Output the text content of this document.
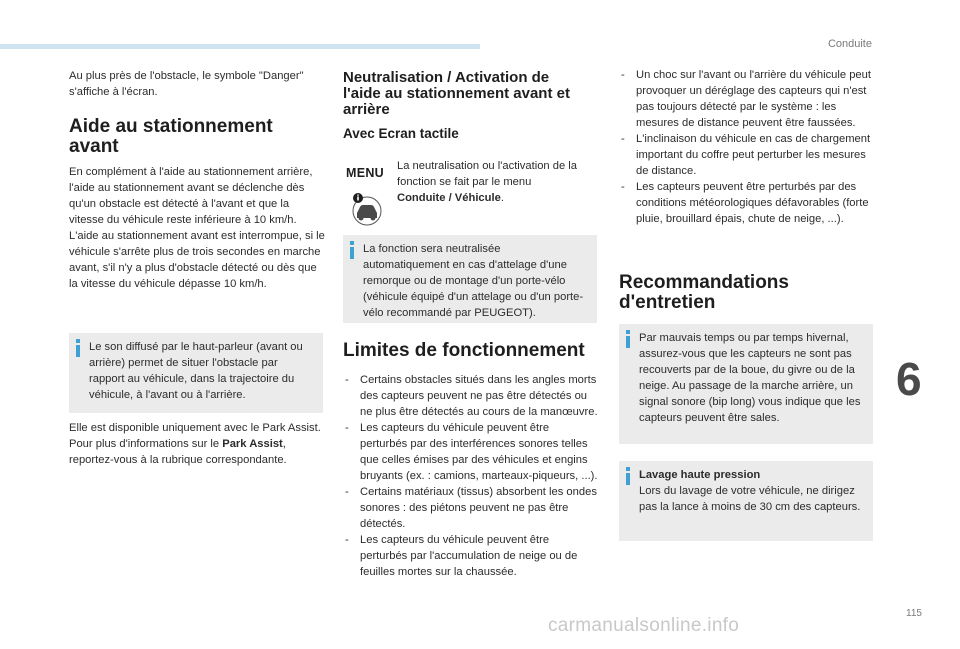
Conduite
Au plus près de l'obstacle, le symbole "Danger" s'affiche à l'écran.
Aide au stationnement avant

En complément à l'aide au stationnement arrière, l'aide au stationnement avant se déclenche dès qu'un obstacle est détecté à l'avant et que la vitesse du véhicule reste inférieure à 10 km/h.

L'aide au stationnement avant est interrompue, si le véhicule s'arrête plus de trois secondes en marche avant, s'il n'y a plus d'obstacle détecté ou dès que la vitesse du véhicule dépasse 10 km/h.

Le son diffusé par le haut-parleur (avant ou arrière) permet de situer l'obstacle par rapport au véhicule, dans la trajectoire du véhicule, à l'avant ou à l'arrière.

Elle est disponible uniquement avec le Park Assist.

Pour plus d'informations sur le Park Assist, reportez-vous à la rubrique correspondante.

Neutralisation / Activation de l'aide au stationnement avant et arrière
Avec Ecran tactile
MENU La neutralisation ou l'activation de la fonction se fait par le menu Conduite / Véhicule.
La fonction sera neutralisée automatiquement en cas d'attelage d'une remorque ou de montage d'un porte-vélo (véhicule équipé d'un attelage ou d'un porte-vélo recommandé par PEUGEOT).
Limites de fonctionnement
- Certains obstacles situés dans les angles morts des capteurs peuvent ne pas être détectés ou ne plus être détectés au cours de la manœuvre.
- Les capteurs du véhicule peuvent être perturbés par des interférences sonores telles que celles émises par des véhicules et engins bruyants (ex. : camions, marteaux-piqueurs, ...).
- Certains matériaux (tissus) absorbent les ondes sonores : des piétons peuvent ne pas être détectés.
- Les capteurs du véhicule peuvent être perturbés par l'accumulation de neige ou de feuilles mortes sur la chaussée.
- Un choc sur l'avant ou l'arrière du véhicule peut provoquer un déréglage des capteurs qui n'est pas toujours détecté par le système : les mesures de distance peuvent être faussées.
- L'inclinaison du véhicule en cas de chargement important du coffre peut perturber les mesures de distance.
- Les capteurs peuvent être perturbés par des conditions météorologiques défavorables (forte pluie, brouillard épais, chute de neige, ...).
Recommandations d'entretien
Par mauvais temps ou par temps hivernal, assurez-vous que les capteurs ne sont pas recouverts par de la boue, du givre ou de la neige. Au passage de la marche arrière, un signal sonore (bip long) vous indique que les capteurs peuvent être sales.
Lavage haute pression
Lors du lavage de votre véhicule, ne dirigez pas la lance à moins de 30 cm des capteurs.
6
115
carmanualsonline.info
